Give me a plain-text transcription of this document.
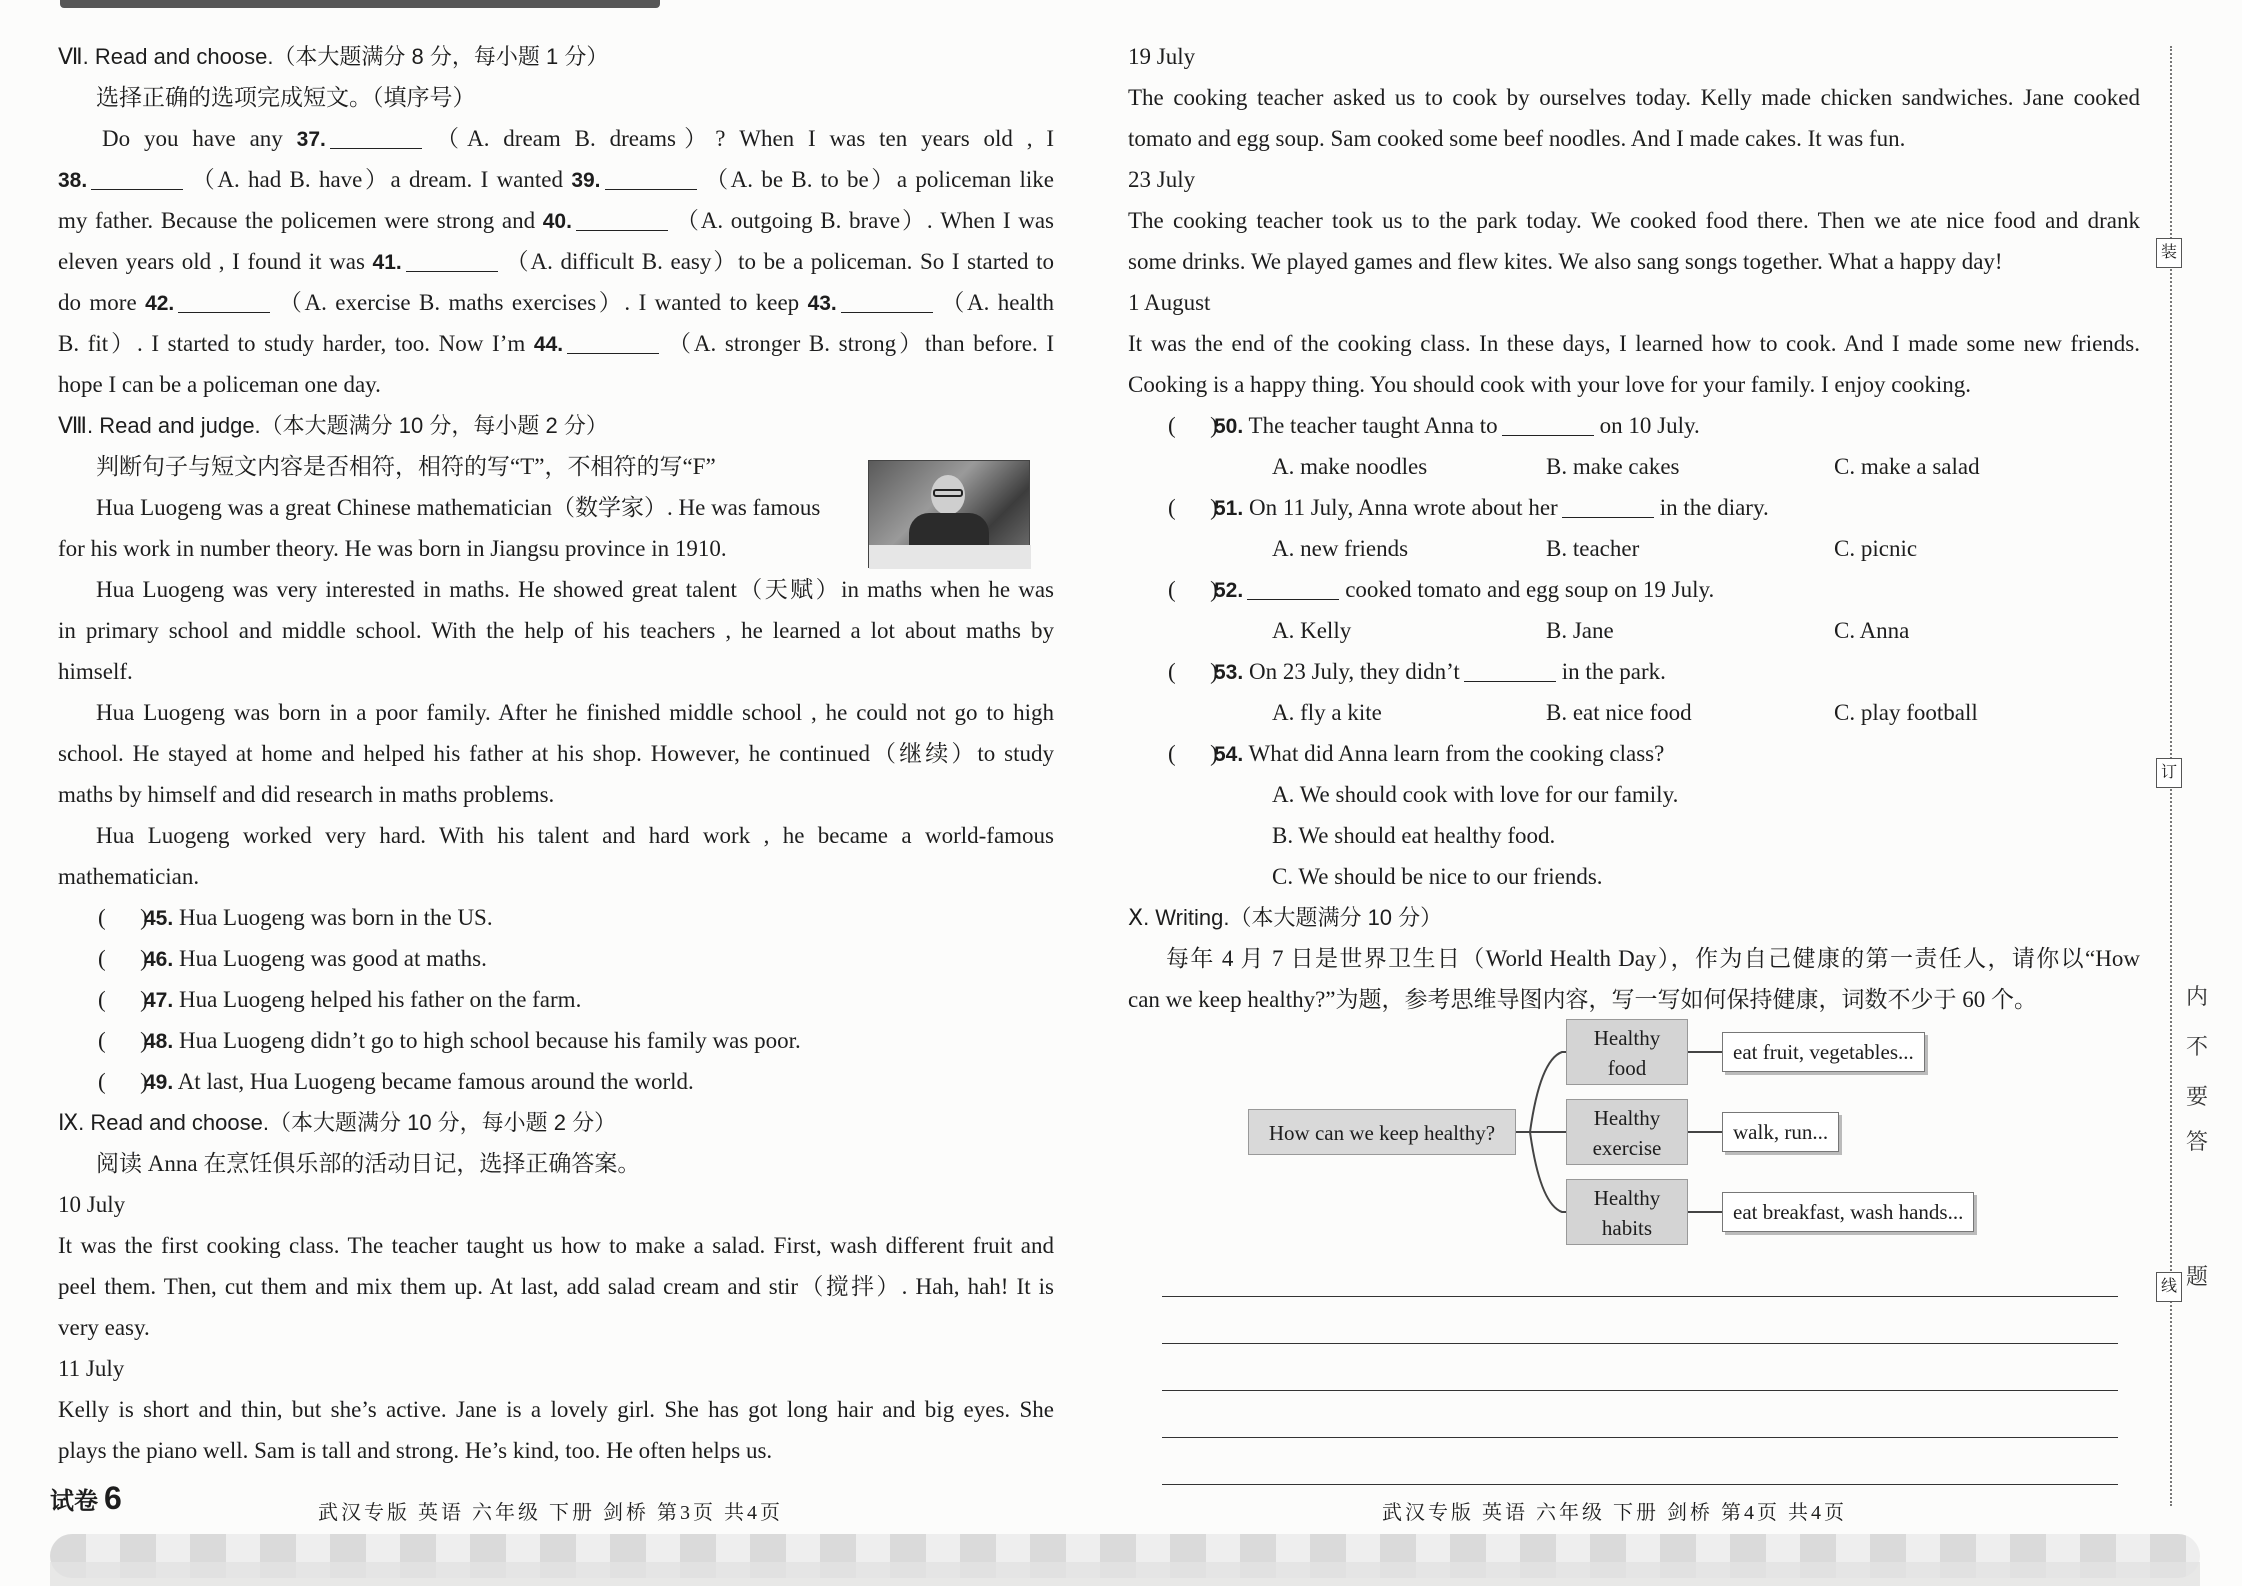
Ⅶ. Read and choose.（本大题满分 8 分，每小题 1 分）
选择正确的选项完成短文。（填序号）
Do you have any 37.	（A. dream B. dreams）? When I was ten years old , I
38.	（A. had B. have）a dream. I wanted 39.	（A. be B. to be）a policeman like
my father. Because the policemen were strong and 40.	（A. outgoing B. brave）. When I was
eleven years old , I found it was 41.	（A. difficult B. easy）to be a policeman. So I started to
do more 42.	（A. exercise B. maths exercises）. I wanted to keep 43.	（A. health
B. fit）. I started to study harder, too. Now I’m 44.	（A. stronger B. strong）than before. I
hope I can be a policeman one day.
Ⅷ. Read and judge.（本大题满分 10 分，每小题 2 分）
判断句子与短文内容是否相符，相符的写“T”，不相符的写“F”
Hua Luogeng was a great Chinese mathematician（数学家）. He was famous
for his work in number theory. He was born in Jiangsu province in 1910.
Hua Luogeng was very interested in maths. He showed great talent（天赋）in maths when he was
in primary school and middle school. With the help of his teachers , he learned a lot about maths by
himself.
Hua Luogeng was born in a poor family. After he finished middle school , he could not go to high
school. He stayed at home and helped his father at his shop. However, he continued（继续）to study
maths by himself and did research in maths problems.
Hua Luogeng worked very hard. With his talent and hard work , he became a world-famous
mathematician.
(      )45. Hua Luogeng was born in the US.
(      )46. Hua Luogeng was good at maths.
(      )47. Hua Luogeng helped his father on the farm.
(      )48. Hua Luogeng didn’t go to high school because his family was poor.
(      )49. At last, Hua Luogeng became famous around the world.
Ⅸ. Read and choose.（本大题满分 10 分，每小题 2 分）
阅读 Anna 在烹饪俱乐部的活动日记，选择正确答案。
10 July
It was the first cooking class. The teacher taught us how to make a salad. First, wash different fruit and
peel them. Then, cut them and mix them up. At last, add salad cream and stir（搅拌）. Hah, hah! It is
very easy.
11 July
Kelly is short and thin, but she’s active. Jane is a lovely girl. She has got long hair and big eyes. She
plays the piano well. Sam is tall and strong. He’s kind, too. He often helps us.
19 July
The cooking teacher asked us to cook by ourselves today. Kelly made chicken sandwiches. Jane cooked
tomato and egg soup. Sam cooked some beef noodles. And I made cakes. It was fun.
23 July
The cooking teacher took us to the park today. We cooked food there. Then we ate nice food and drank
some drinks. We played games and flew kites. We also sang songs together. What a happy day!
1 August
It was the end of the cooking class. In these days, I learned how to cook. And I made some new friends.
Cooking is a happy thing. You should cook with your love for your family. I enjoy cooking.
(      )50. The teacher taught Anna to	on 10 July.
A. make noodles	B. make cakes	C. make a salad
(      )51. On 11 July, Anna wrote about her	in the diary.
A. new friends	B. teacher	C. picnic
(      )52.	cooked tomato and egg soup on 19 July.
A. Kelly	B. Jane	C. Anna
(      )53. On 23 July, they didn’t	in the park.
A. fly a kite	B. eat nice food	C. play football
(      )54. What did Anna learn from the cooking class?
A. We should cook with love for our family.
B. We should eat healthy food.
C. We should be nice to our friends.
Ⅹ. Writing.（本大题满分 10 分）
每年 4 月 7 日是世界卫生日（World Health Day），作为自己健康的第一责任人，请你以“How
can we keep healthy?”为题，参考思维导图内容，写一写如何保持健康，词数不少于 60 个。
How can we keep healthy?
Healthy
food
Healthy
exercise
Healthy
habits
eat fruit, vegetables...
walk, run...
eat breakfast, wash hands...
装
订
线
内
不
要
答
题
试卷 6	武汉专版 英语 六年级 下册 剑桥 第3页 共4页	武汉专版 英语 六年级 下册 剑桥 第4页 共4页
